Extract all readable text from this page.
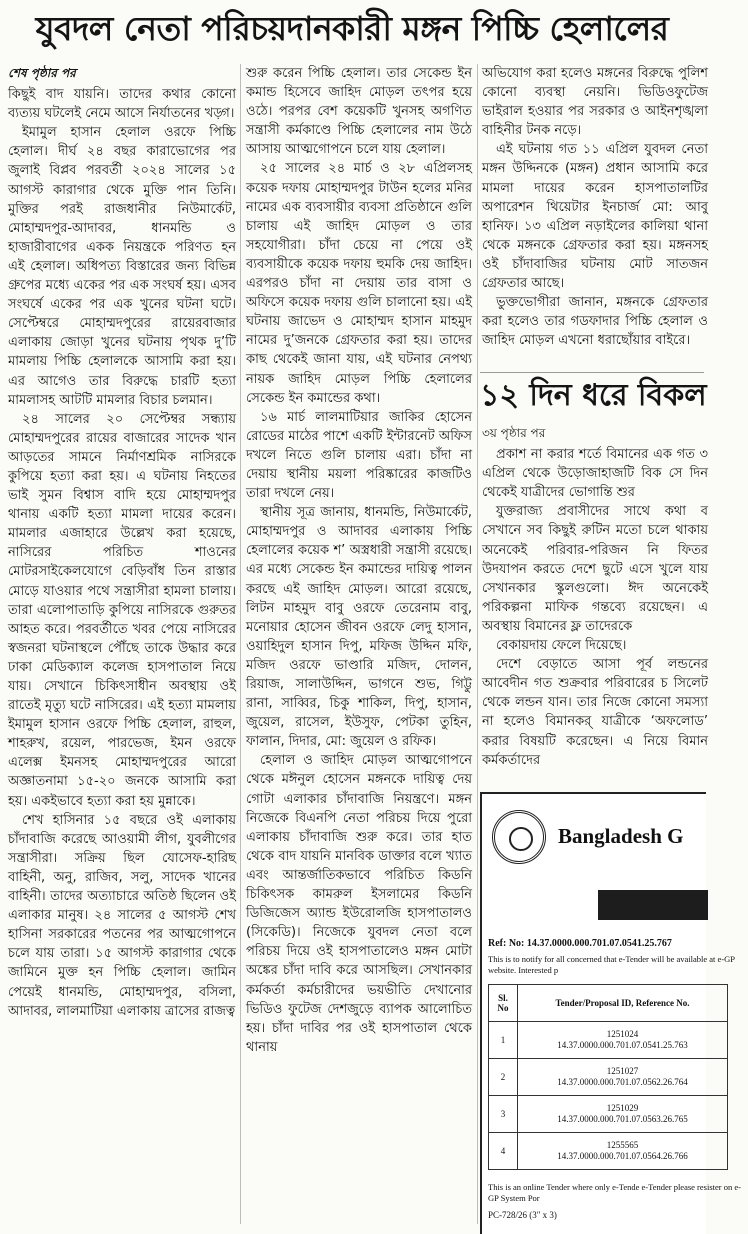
যুবদল নেতা পরিচয়দানকারী মঙ্গন পিচ্চি হেলালের
শেষ পৃষ্ঠার পর

কিছুই বাদ যায়নি। তাদের কথার কোনো ব্যত্যয় ঘটলেই নেমে আসে নির্যাতনের খড়্গ।

ইমামুল হাসান হেলাল ওরফে পিচ্চি হেলাল। দীর্ঘ ২৪ বছর কারাভোগের পর জুলাই বিপ্লব পরবর্তী ২০২৪ সালের ১৫ আগস্ট কারাগার থেকে মুক্তি পান তিনি। মুক্তির পরই রাজধানীর নিউমার্কেট, মোহাম্মদপুর-আদাবর, ধানমন্ডি ও হাজারীবাগের একক নিয়ন্ত্রকে পরিণত হন এই হেলাল। অধিপত্য বিস্তারের জন্য বিভিন্ন গ্রুপের মধ্যে একের পর এক সংঘর্ষ হয়। এসব সংঘর্ষে একের পর এক খুনের ঘটনা ঘটে। সেপ্টেম্বরে মোহাম্মদপুরের রায়েরবাজার এলাকায় জোড়া খুনের ঘটনায় পৃথক দু’টি মামলায় পিচ্চি হেলালকে আসামি করা হয়। এর আগেও তার বিরুদ্ধে চারটি হত্যা মামলাসহ আটটি মামলার বিচার চলমান।

২৪ সালের ২০ সেপ্টেম্বর সন্ধ্যায় মোহাম্মদপুরের রায়ের বাজারের সাদেক খান আড়তের সামনে নির্মাণশ্রমিক নাসিরকে কুপিয়ে হত্যা করা হয়। এ ঘটনায় নিহতের ভাই সুমন বিশ্বাস বাদি হয়ে মোহাম্মদপুর থানায় একটি হত্যা মামলা দায়ের করেন। মামলার এজাহারে উল্লেখ করা হয়েছে, নাসিরের পরিচিত শাওনের মোটরসাইকেলযোগে বেড়িবাঁধ তিন রাস্তার মোড়ে যাওয়ার পথে সন্ত্রাসীরা হামলা চালায়। তারা এলোপাতাড়ি কুপিয়ে নাসিরকে গুরুতর আহত করে। পরবর্তীতে খবর পেয়ে নাসিরের স্বজনরা ঘটনাস্থলে পৌঁছে তাকে উদ্ধার করে ঢাকা মেডিক্যাল কলেজ হাসপাতাল নিয়ে যায়। সেখানে চিকিৎসাধীন অবস্থায় ওই রাতেই মৃত্যু ঘটে নাসিরের। এই হত্যা মামলায় ইমামুল হাসান ওরফে পিচ্চি হেলাল, রাহুল, শাহরুখ, রয়েল, পারভেজ, ইমন ওরফে এলেক্স ইমনসহ মোহাম্মদপুরের আরো অজ্ঞাতনামা ১৫-২০ জনকে আসামি করা হয়। একইভাবে হত্যা করা হয় মুন্নাকে।

শেখ হাসিনার ১৫ বছরে ওই এলাকায় চাঁদাবাজি করেছে আওয়ামী লীগ, যুবলীগের সন্ত্রাসীরা। সক্রিয় ছিল যোসেফ-হারিছ বাহিনী, অনু, রাজিব, সলু, সাদেক খানের বাহিনী। তাদের অত্যাচারে অতিষ্ঠ ছিলেন ওই এলাকার মানুষ। ২৪ সালের ৫ আগস্ট শেখ হাসিনা সরকারের পতনের পর আত্মগোপনে চলে যায় তারা। ১৫ আগস্ট কারাগার থেকে জামিনে মুক্ত হন পিচ্চি হেলাল। জামিন পেয়েই ধানমন্ডি, মোহাম্মদপুর, বসিলা, আদাবর, লালমাটিয়া এলাকায় ত্রাসের রাজত্ব

শুরু করেন পিচ্চি হেলাল। তার সেকেন্ড ইন কমান্ড হিসেবে জাহিদ মোড়ল তৎপর হয়ে ওঠে। পরপর বেশ কয়েকটি খুনসহ অগণিত সন্ত্রাসী কর্মকাণ্ডে পিচ্চি হেলালের নাম উঠে আসায় আত্মগোপনে চলে যায় হেলাল।

২৫ সালের ২৪ মার্চ ও ২৮ এপ্রিলসহ কয়েক দফায় মোহাম্মদপুর টাউন হলের মনির নামের এক ব্যবসায়ীর ব্যবসা প্রতিষ্ঠানে গুলি চালায় এই জাহিদ মোড়ল ও তার সহযোগীরা। চাঁদা চেয়ে না পেয়ে ওই ব্যবসায়ীকে কয়েক দফায় হুমকি দেয় জাহিদ। এরপরও চাঁদা না দেয়ায় তার বাসা ও অফিসে কয়েক দফায় গুলি চালানো হয়। এই ঘটনায় জাভেদ ও মোহাম্মদ হাসান মাহমুদ নামের দু’জনকে গ্রেফতার করা হয়। তাদের কাছ থেকেই জানা যায়, এই ঘটনার নেপথ্য নায়ক জাহিদ মোড়ল পিচ্চি হেলালের সেকেন্ড ইন কমান্ডের কথা।

১৬ মার্চ লালমাটিয়ার জাকির হোসেন রোডের মাঠের পাশে একটি ইন্টারনেট অফিস দখলে নিতে গুলি চালায় এরা। চাঁদা না দেয়ায় স্থানীয় ময়লা পরিষ্কারের কাজটিও তারা দখলে নেয়।

স্থানীয় সূত্র জানায়, ধানমন্ডি, নিউমার্কেট, মোহাম্মদপুর ও আদাবর এলাকায় পিচ্চি হেলালের কয়েক শ’ অস্ত্রধারী সন্ত্রাসী রয়েছে। এর মধ্যে সেকেন্ড ইন কমান্ডের দায়িত্ব পালন করছে এই জাহিদ মোড়ল। আরো রয়েছে, লিটন মাহমুদ বাবু ওরফে তেরেনাম বাবু, মনোয়ার হোসেন জীবন ওরফে লেদু হাসান, ওয়াহিদুল হাসান দিপু, মফিজ উদ্দিন মফি, মজিদ ওরফে ভাণ্ডারি মজিদ, দোলন, রিয়াজ, সালাউদ্দিন, ভাগনে শুভ, গিট্টু রানা, সাব্বির, চিকু শাকিল, দিপু, হাসান, জুয়েল, রাসেল, ইউসুফ, পেটকা তুহিন, ফালান, দিদার, মো: জুয়েল ও রফিক।

হেলাল ও জাহিদ মোড়ল আত্মগোপনে থেকে মঈনুল হোসেন মঙ্গনকে দায়িত্ব দেয় গোটা এলাকার চাঁদাবাজি নিয়ন্ত্রণে। মঙ্গন নিজেকে বিএনপি নেতা পরিচয় দিয়ে পুরো এলাকায় চাঁদাবাজি শুরু করে। তার হাত থেকে বাদ যায়নি মানবিক ডাক্তার বলে খ্যাত এবং আন্তর্জাতিকভাবে পরিচিত কিডনি চিকিৎসক কামরুল ইসলামের কিডনি ডিজিজেস অ্যান্ড ইউরোলজি হাসপাতালও (সিকেডি)। নিজেকে যুবদল নেতা বলে পরিচয় দিয়ে ওই হাসপাতালেও মঙ্গন মোটা অঙ্কের চাঁদা দাবি করে আসছিল। সেখানকার কর্মকর্তা কর্মচারীদের ভয়ভীতি দেখানোর ভিডিও ফুটেজ দেশজুড়ে ব্যাপক আলোচিত হয়। চাঁদা দাবির পর ওই হাসপাতাল থেকে থানায়

অভিযোগ করা হলেও মঙ্গনের বিরুদ্ধে পুলিশ কোনো ব্যবস্থা নেয়নি। ভিডিওফুটেজ ভাইরাল হওয়ার পর সরকার ও আইনশৃঙ্খলা বাহিনীর টনক নড়ে।

এই ঘটনায় গত ১১ এপ্রিল যুবদল নেতা মঙ্গন উদ্দিনকে (মঙ্গন) প্রধান আসামি করে মামলা দায়ের করেন হাসপাতালটির অপারেশন থিয়েটার ইনচার্জ মো: আবু হানিফ। ১৩ এপ্রিল নড়াইলের কালিয়া থানা থেকে মঙ্গনকে গ্রেফতার করা হয়। মঙ্গনসহ ওই চাঁদাবাজির ঘটনায় মোট সাতজন গ্রেফতার আছে।

ভুক্তভোগীরা জানান, মঙ্গনকে গ্রেফতার করা হলেও তার গডফাদার পিচ্চি হেলাল ও জাহিদ মোড়ল এখনো ধরাছোঁয়ার বাইরে।

১২ দিন ধরে বিকল
৩য় পৃষ্ঠার পর

প্রকাশ না করার শর্তে বিমানের এক গত ৩ এপ্রিল থেকে উড়োজাহাজটি বিক সে দিন থেকেই যাত্রীদের ভোগান্তি শুর

যুক্তরাজ্য প্রবাসীদের সাথে কথা ব সেখানে সব কিছুই রুটিন মতো চলে থাকায় অনেকেই পরিবার-পরিজন নি ফিতর উদযাপন করতে দেশে ছুটে এসে খুলে যায় সেখানকার স্কুলগুলো। ঈদ অনেকেই পরিকল্পনা মাফিক গন্তব্যে রয়েছেন। এ অবস্থায় বিমানের ফ্ল তাদেরকে

বেকায়দায় ফেলে দিয়েছে।

দেশে বেড়াতে আসা পূর্ব লন্ডনের আবেদীন গত শুক্রবার পরিবারের চ সিলেট থেকে লন্ডন যান। তার নিজে কোনো সমস্যা না হলেও বিমানকর্ যাত্রীকে ‘অফলোড’ করার বিষয়টি করেছেন। এ নিয়ে বিমান কর্মকর্তাদের

Bangladesh G
Ref: No: 14.37.0000.000.701.07.0541.25.767
This is to notify for all concerned that e-Tender will be available at e-GP website. Interested p
Sl. No	Tender/Proposal ID, Reference No.
1	1251024
14.37.0000.000.701.07.0541.25.763
2	1251027
14.37.0000.000.701.07.0562.26.764
3	1251029
14.37.0000.000.701.07.0563.26.765
4	1255565
14.37.0000.000.701.07.0564.26.766
This is an online Tender where only e-Tende e-Tender please resister on e-GP System Por
PC-728/26 (3" x 3)
